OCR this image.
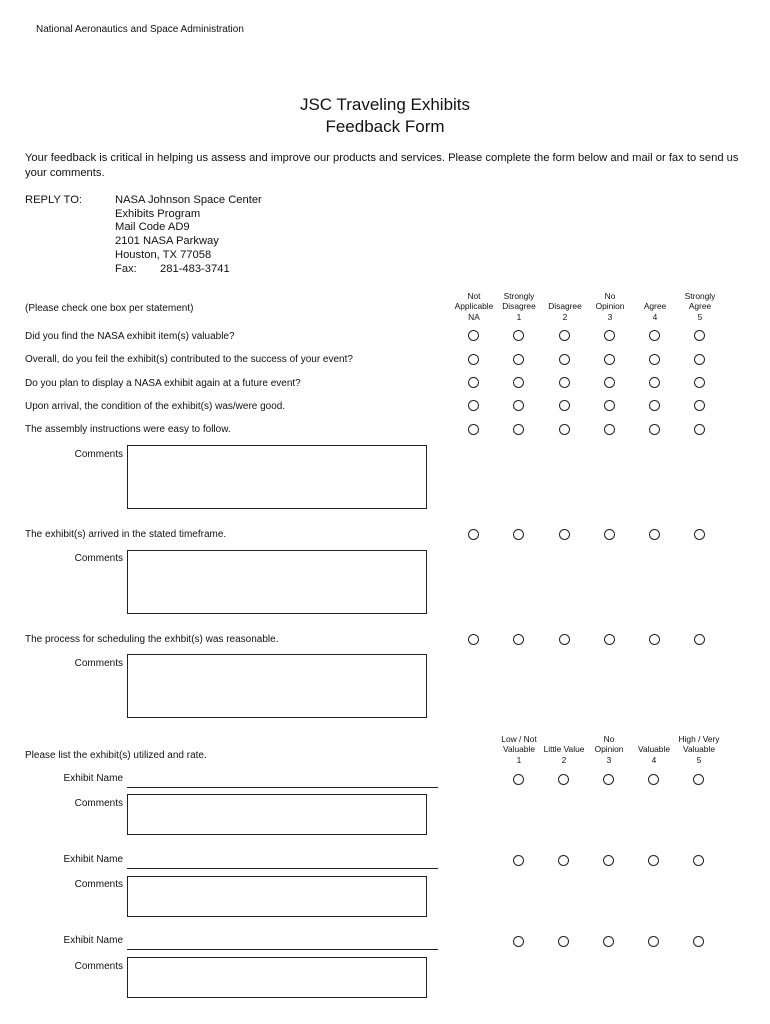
National Aeronautics and Space Administration
JSC Traveling Exhibits
Feedback Form
Your feedback is critical in helping us assess and improve our products and services. Please complete the form below and mail or fax to send us your comments.
REPLY TO:	NASA Johnson Space Center
Exhibits Program
Mail Code AD9
2101 NASA Parkway
Houston, TX 77058
Fax: 281-483-3741
(Please check one box per statement)
Did you find the NASA exhibit item(s) valuable?
Overall, do you feil the exhibit(s) contributed to the success of your event?
Do you plan to display a NASA exhibit again at a future event?
Upon arrival, the condition of the exhibit(s) was/were good.
The assembly instructions were easy to follow.
The exhibit(s) arrived in the stated timeframe.
The process for scheduling the exhbit(s) was reasonable.
Comments
Comments
Comments
Please list the exhibit(s) utilized and rate.
Exhibit Name
Comments
Exhibit Name
Comments
Exhibit Name
Comments
Not
Applicable
NA
Strongly
Disagree
1
Disagree
2
No
Opinion
3
Agree
4
Strongly
Agree
5
Low / Not
Valuable
1
Little Value
2
No
Opinion
3
Valuable
4
High / Very
Valuable
5
